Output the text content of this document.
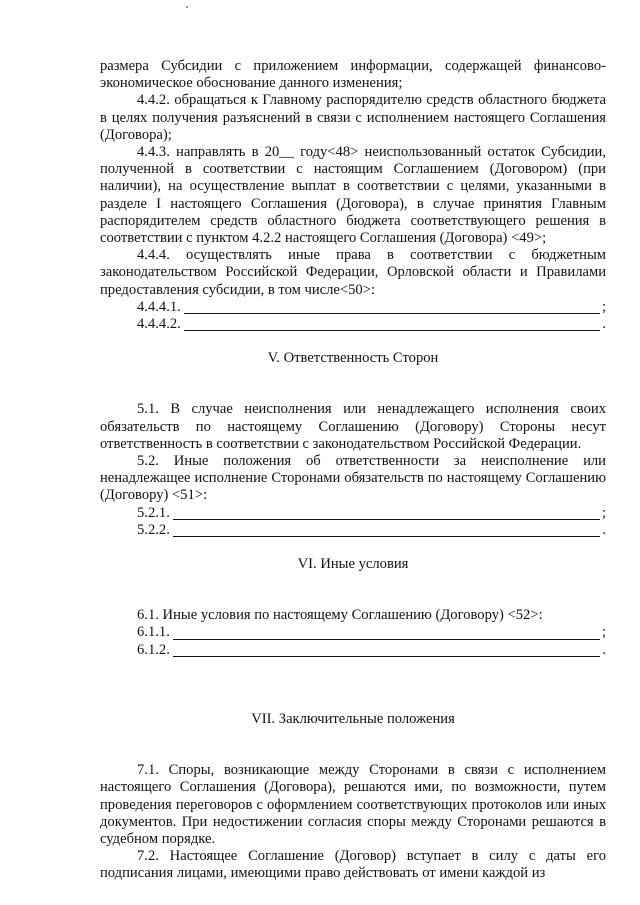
размера Субсидии с приложением информации, содержащей финансово-экономическое обоснование данного изменения;

4.4.2. обращаться к Главному распорядителю средств областного бюджета в целях получения разъяснений в связи с исполнением настоящего Соглашения (Договора);

4.4.3. направлять в 20__ году<48> неиспользованный остаток Субсидии, полученной в соответствии с настоящим Соглашением (Договором) (при наличии), на осуществление выплат в соответствии с целями, указанными в разделе I настоящего Соглашения (Договора), в случае принятия Главным распорядителем средств областного бюджета соответствующего решения в соответствии с пунктом 4.2.2 настоящего Соглашения (Договора) <49>;

4.4.4. осуществлять иные права в соответствии с бюджетным законодательством Российской Федерации, Орловской области и Правилами предоставления субсидии, в том числе<50>:

4.4.4.1.	;
4.4.4.2.	.

V. Ответственность Сторон

5.1. В случае неисполнения или ненадлежащего исполнения своих обязательств по настоящему Соглашению (Договору) Стороны несут ответственность в соответствии с законодательством Российской Федерации.

5.2. Иные положения об ответственности за неисполнение или ненадлежащее исполнение Сторонами обязательств по настоящему Соглашению (Договору) <51>:

5.2.1.	;
5.2.2.	.

VI. Иные условия

6.1. Иные условия по настоящему Соглашению (Договору) <52>:

6.1.1.	;
6.1.2.	.

VII. Заключительные положения

7.1. Споры, возникающие между Сторонами в связи с исполнением настоящего Соглашения (Договора), решаются ими, по возможности, путем проведения переговоров с оформлением соответствующих протоколов или иных документов. При недостижении согласия споры между Сторонами решаются в судебном порядке.

7.2. Настоящее Соглашение (Договор) вступает в силу с даты его подписания лицами, имеющими право действовать от имени каждой из
